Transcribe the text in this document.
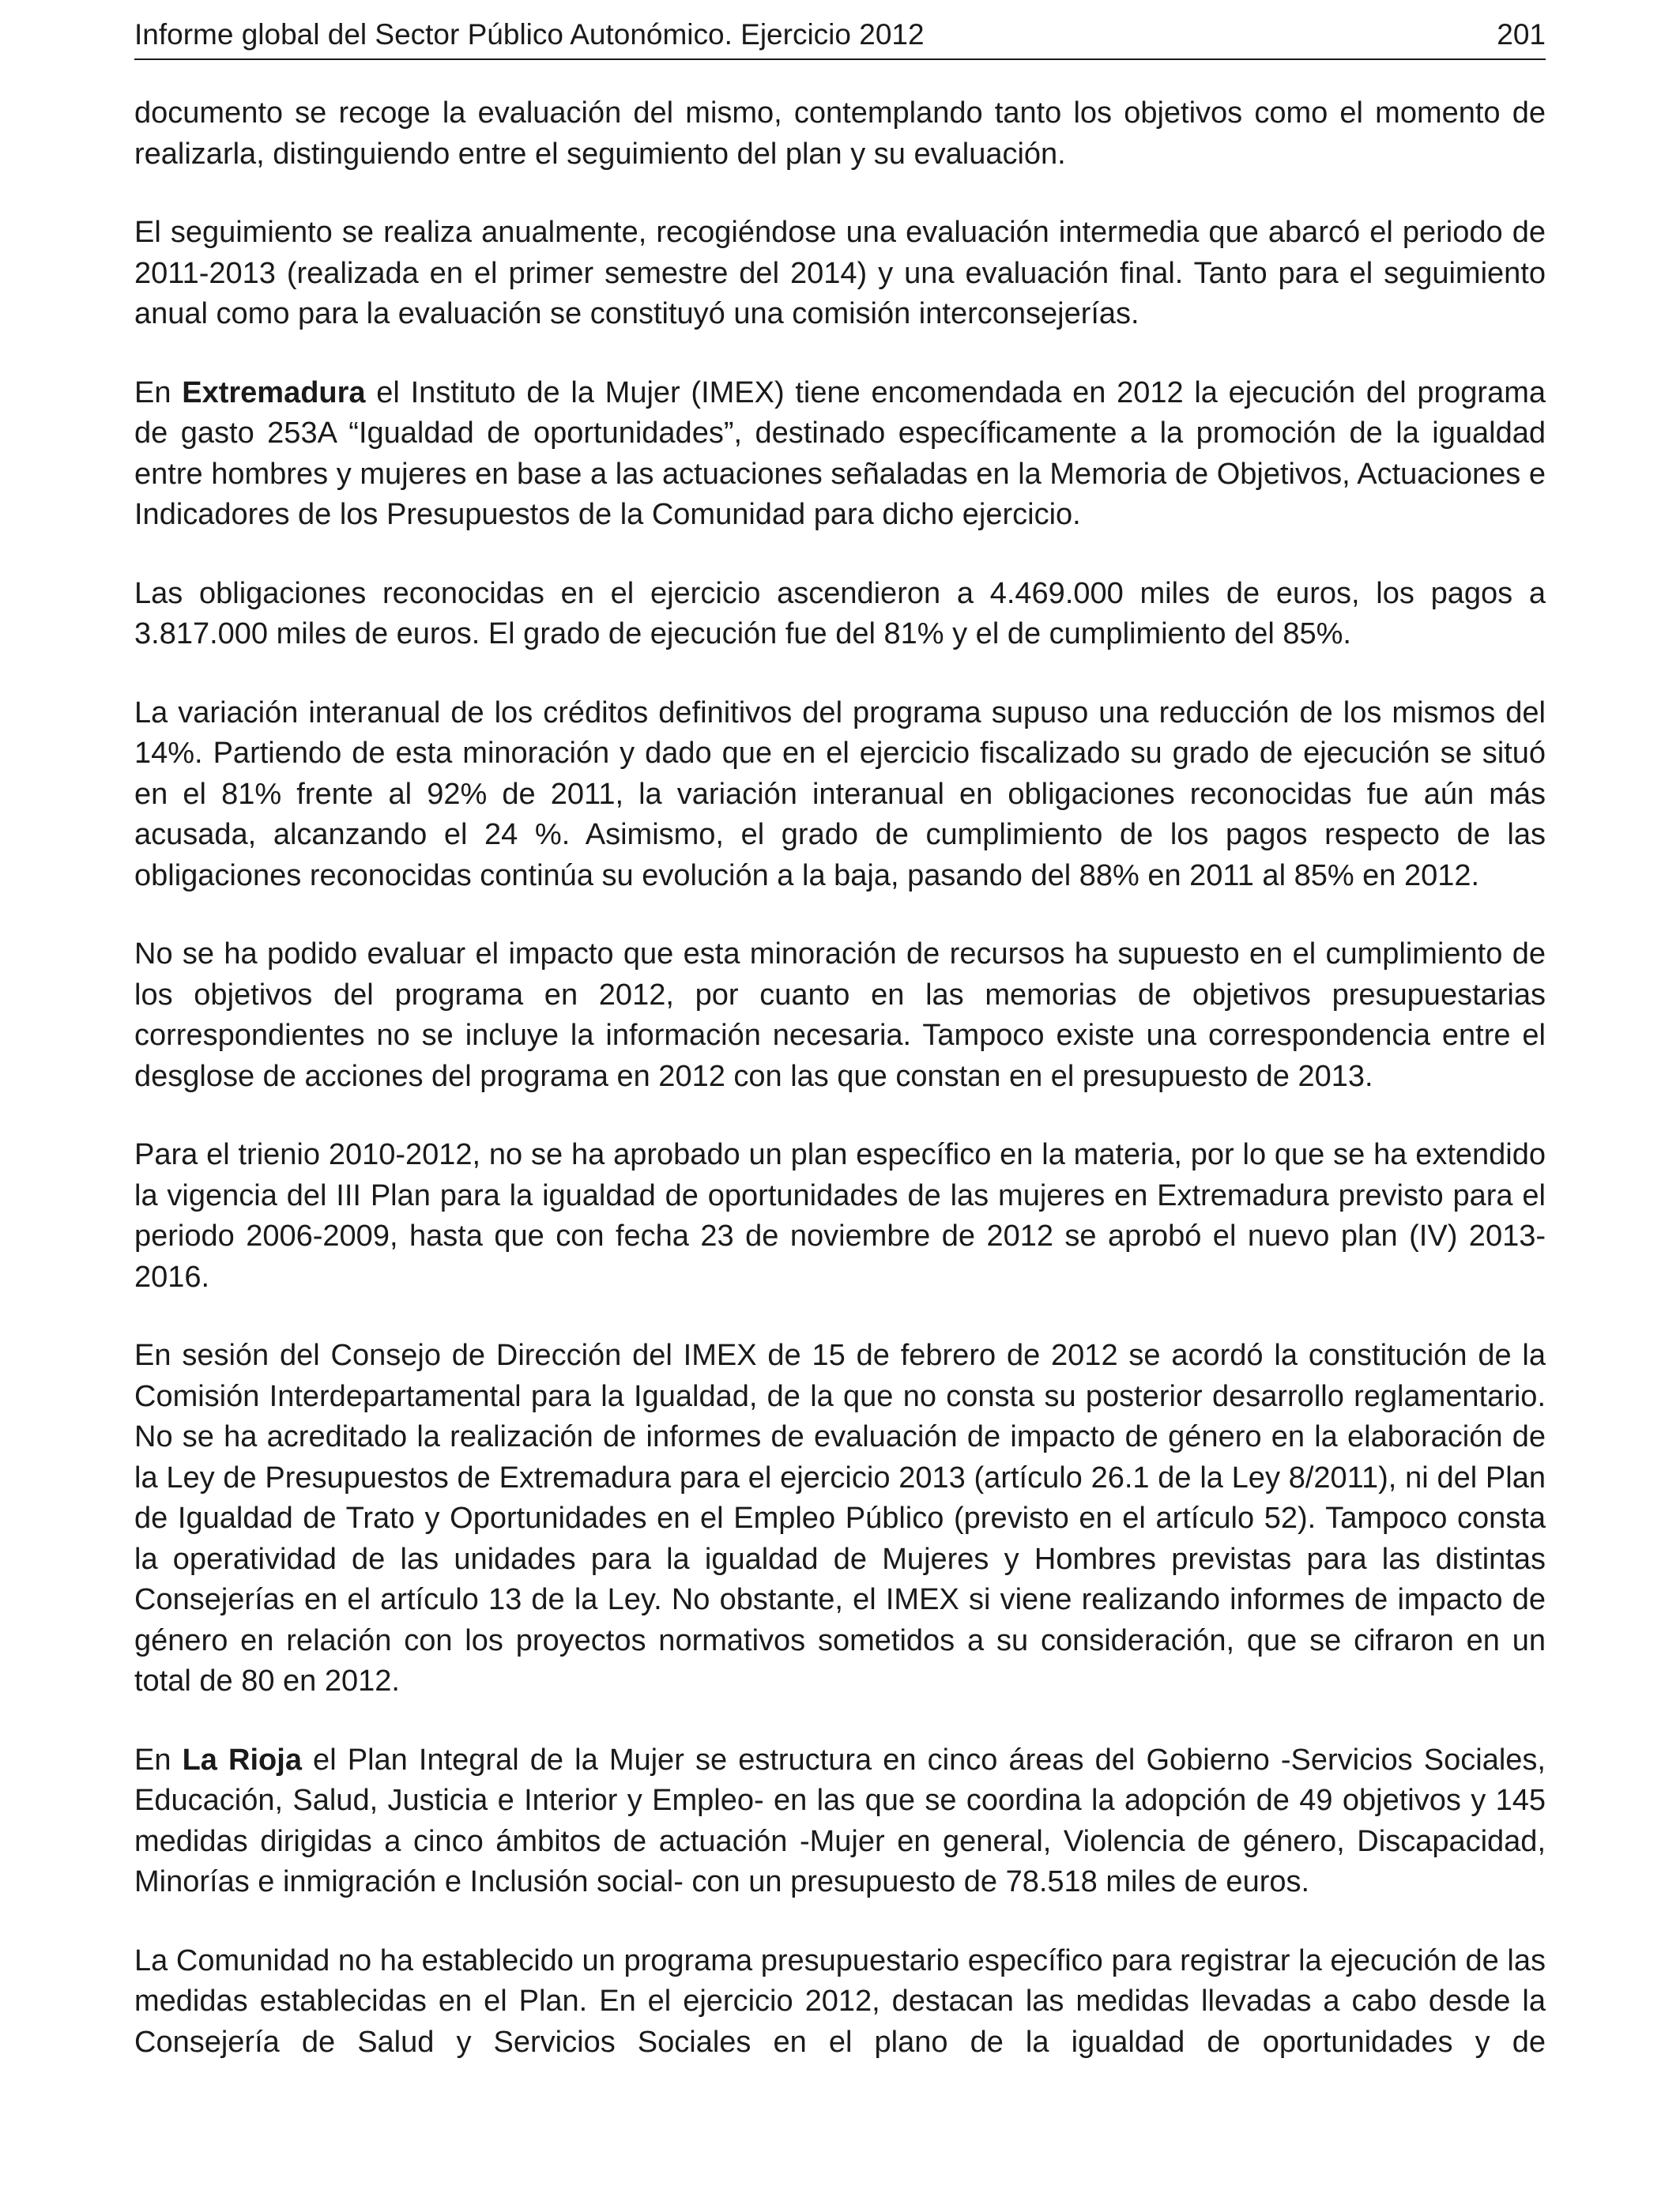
Informe global del Sector Público Autonómico. Ejercicio 2012	201

documento se recoge la evaluación del mismo, contemplando tanto los objetivos como el momento de realizarla, distinguiendo entre el seguimiento del plan y su evaluación.

El seguimiento se realiza anualmente, recogiéndose una evaluación intermedia que abarcó el periodo de 2011-2013 (realizada en el primer semestre del 2014) y una evaluación final. Tanto para el seguimiento anual como para la evaluación se constituyó una comisión interconsejerías.

En Extremadura el Instituto de la Mujer (IMEX) tiene encomendada en 2012 la ejecución del programa de gasto 253A “Igualdad de oportunidades”, destinado específicamente a la promoción de la igualdad entre hombres y mujeres en base a las actuaciones señaladas en la Memoria de Objetivos, Actuaciones e Indicadores de los Presupuestos de la Comunidad para dicho ejercicio.

Las obligaciones reconocidas en el ejercicio ascendieron a 4.469.000 miles de euros, los pagos a 3.817.000 miles de euros. El grado de ejecución fue del 81% y el de cumplimiento del 85%.

La variación interanual de los créditos definitivos del programa supuso una reducción de los mismos del 14%. Partiendo de esta minoración y dado que en el ejercicio fiscalizado su grado de ejecución se situó en el 81% frente al 92% de 2011, la variación interanual en obligaciones reconocidas fue aún más acusada, alcanzando el 24 %. Asimismo, el grado de cumplimiento de los pagos respecto de las obligaciones reconocidas continúa su evolución a la baja, pasando del 88% en 2011 al 85% en 2012.

No se ha podido evaluar el impacto que esta minoración de recursos ha supuesto en el cumplimiento de los objetivos del programa en 2012, por cuanto en las memorias de objetivos presupuestarias correspondientes no se incluye la información necesaria. Tampoco existe una correspondencia entre el desglose de acciones del programa en 2012 con las que constan en el presupuesto de 2013.

Para el trienio 2010-2012, no se ha aprobado un plan específico en la materia, por lo que se ha extendido la vigencia del III Plan para la igualdad de oportunidades de las mujeres en Extremadura previsto para el periodo 2006-2009, hasta que con fecha 23 de noviembre de 2012 se aprobó el nuevo plan (IV) 2013- 2016.

En sesión del Consejo de Dirección del IMEX de 15 de febrero de 2012 se acordó la constitución de la Comisión Interdepartamental para la Igualdad, de la que no consta su posterior desarrollo reglamentario. No se ha acreditado la realización de informes de evaluación de impacto de género en la elaboración de la Ley de Presupuestos de Extremadura para el ejercicio 2013 (artículo 26.1 de la Ley 8/2011), ni del Plan de Igualdad de Trato y Oportunidades en el Empleo Público (previsto en el artículo 52). Tampoco consta la operatividad de las unidades para la igualdad de Mujeres y Hombres previstas para las distintas Consejerías en el artículo 13 de la Ley. No obstante, el IMEX si viene realizando informes de impacto de género en relación con los proyectos normativos sometidos a su consideración, que se cifraron en un total de 80 en 2012.

En La Rioja el Plan Integral de la Mujer se estructura en cinco áreas del Gobierno -Servicios Sociales, Educación, Salud, Justicia e Interior y Empleo- en las que se coordina la adopción de 49 objetivos y 145 medidas dirigidas a cinco ámbitos de actuación -Mujer en general, Violencia de género, Discapacidad, Minorías e inmigración e Inclusión social- con un presupuesto de 78.518 miles de euros.

La Comunidad no ha establecido un programa presupuestario específico para registrar la ejecución de las medidas establecidas en el Plan. En el ejercicio 2012, destacan las medidas llevadas a cabo desde la Consejería de Salud y Servicios Sociales en el plano de la igualdad de oportunidades y de
